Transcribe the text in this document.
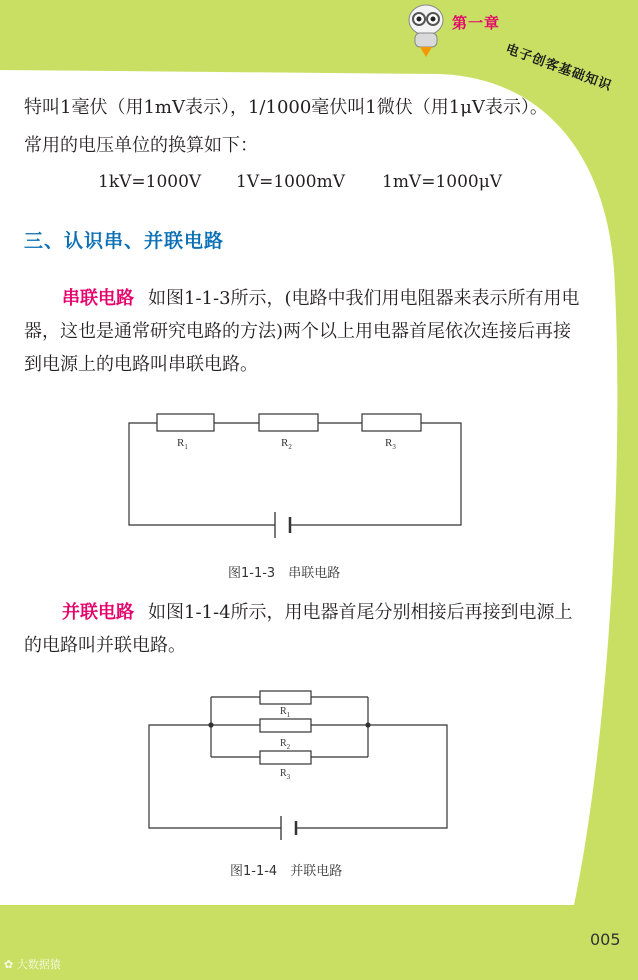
第一章
电子创客基础知识
特叫1毫伏（用1mV表示），1/1000毫伏叫1微伏（用1μV表示）。
常用的电压单位的换算如下：
1kV=1000V 1V=1000mV 1mV=1000μV
三、认识串、并联电路
串联电路 如图1-1-3所示，(电路中我们用电阻器来表示所有用电器，这也是通常研究电路的方法)两个以上用电器首尾依次连接后再接到电源上的电路叫串联电路。
$R_1$	$R_2$	$R_3$
图1-1-3　串联电路
并联电路 如图1-1-4所示，用电器首尾分别相接后再接到电源上的电路叫并联电路。
$R_1$
$R_2$
$R_3$
图1-1-4　并联电路
005
✿ 大数据猿
